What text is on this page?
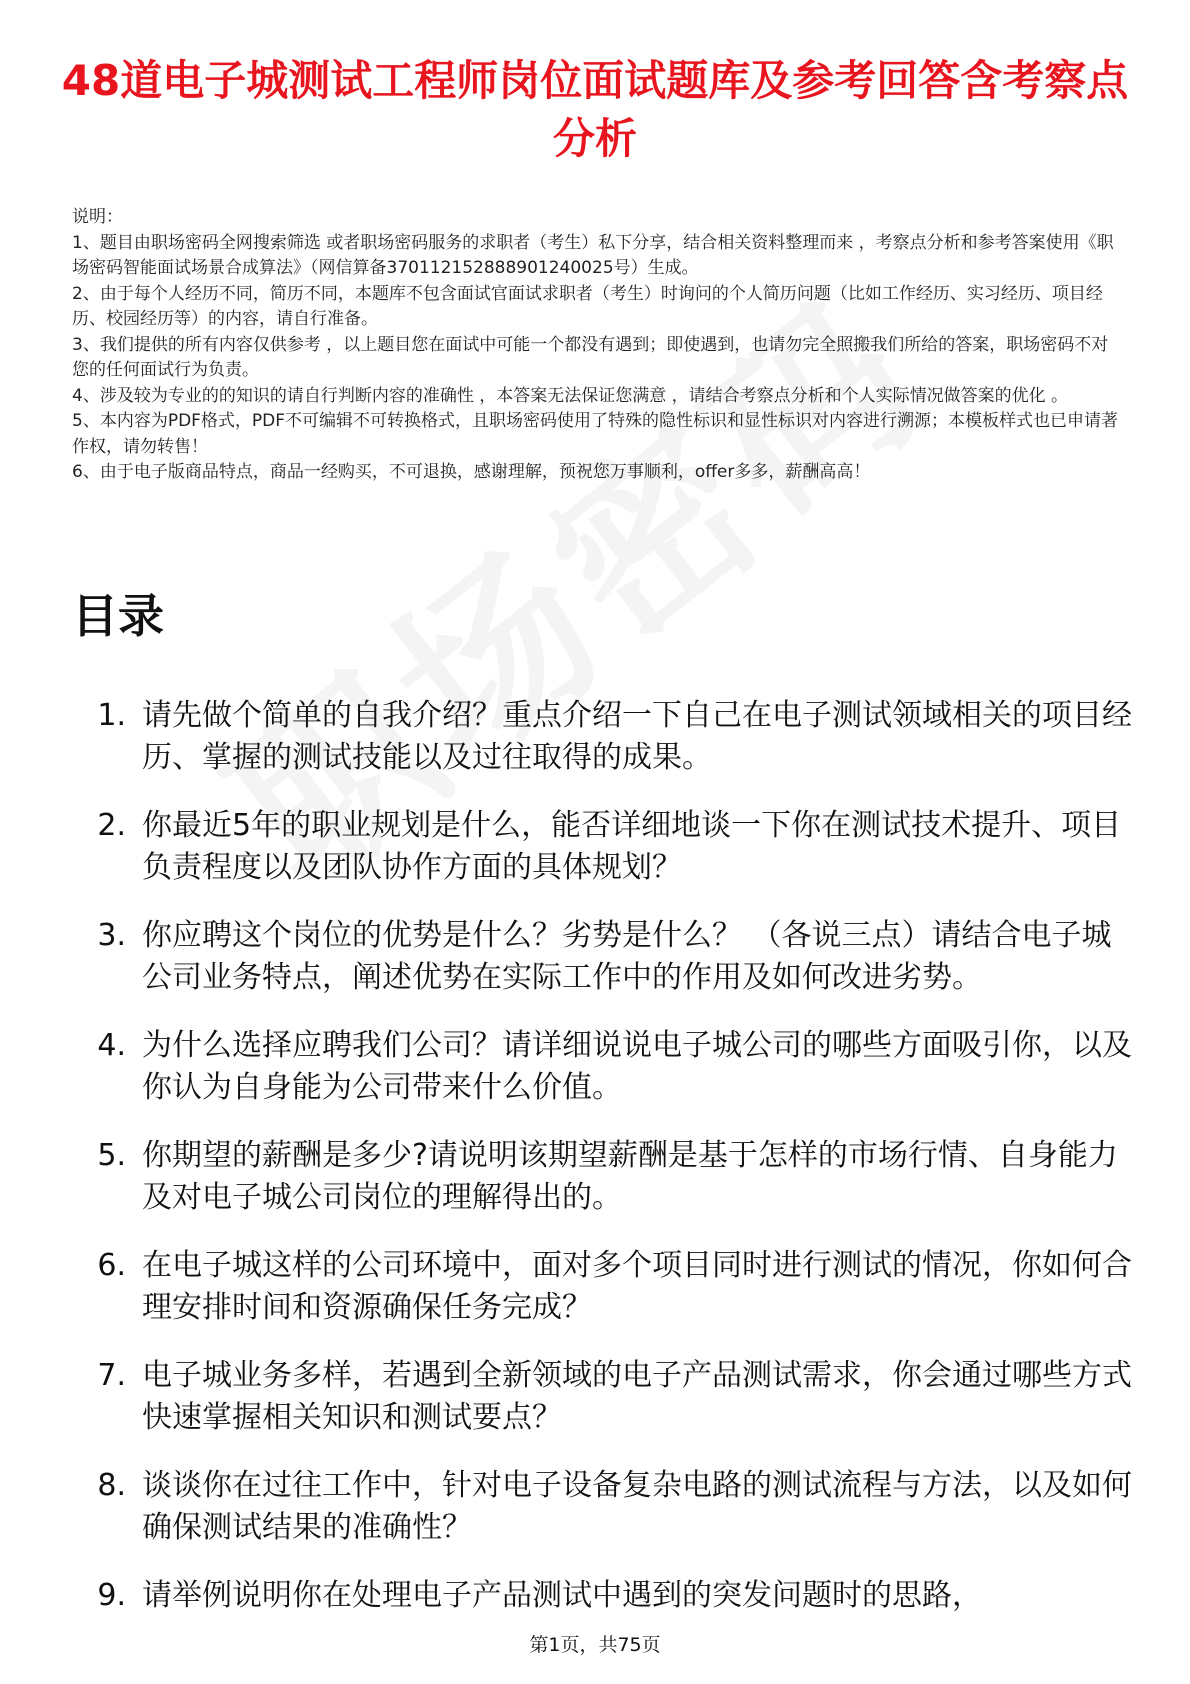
48道电子城测试工程师岗位面试题库及参考回答含考察点分析

说明：

1、题目由职场密码全网搜索筛选 或者职场密码服务的求职者（考生）私下分享，结合相关资料整理而来 ，考察点分析和参考答案使用《职场密码智能面试场景合成算法》（网信算备370112152888901240025号）生成。

2、由于每个人经历不同，简历不同，本题库不包含面试官面试求职者（考生）时询问的个人简历问题（比如工作经历、实习经历、项目经历、校园经历等）的内容，请自行准备。

3、我们提供的所有内容仅供参考 ，以上题目您在面试中可能一个都没有遇到；即使遇到，也请勿完全照搬我们所给的答案，职场密码不对您的任何面试行为负责。

4、涉及较为专业的的知识的请自行判断内容的准确性 ，本答案无法保证您满意 ，请结合考察点分析和个人实际情况做答案的优化 。

5、本内容为PDF格式，PDF不可编辑不可转换格式，且职场密码使用了特殊的隐性标识和显性标识对内容进行溯源；本模板样式也已申请著作权，请勿转售！

6、由于电子版商品特点，商品一经购买，不可退换，感谢理解，预祝您万事顺利，offer多多，薪酬高高！

目录
1. 请先做个简单的自我介绍？重点介绍一下自己在电子测试领域相关的项目经历、掌握的测试技能以及过往取得的成果。
2. 你最近5年的职业规划是什么，能否详细地谈一下你在测试技术提升、项目负责程度以及团队协作方面的具体规划？
3. 你应聘这个岗位的优势是什么？劣势是什么？ （各说三点）请结合电子城公司业务特点，阐述优势在实际工作中的作用及如何改进劣势。
4. 为什么选择应聘我们公司？请详细说说电子城公司的哪些方面吸引你，以及你认为自身能为公司带来什么价值。
5. 你期望的薪酬是多少?请说明该期望薪酬是基于怎样的市场行情、自身能力及对电子城公司岗位的理解得出的。
6. 在电子城这样的公司环境中，面对多个项目同时进行测试的情况，你如何合理安排时间和资源确保任务完成？
7. 电子城业务多样，若遇到全新领域的电子产品测试需求，你会通过哪些方式快速掌握相关知识和测试要点？
8. 谈谈你在过往工作中，针对电子设备复杂电路的测试流程与方法，以及如何确保测试结果的准确性？
9. 请举例说明你在处理电子产品测试中遇到的突发问题时的思路，
第1页，共75页
